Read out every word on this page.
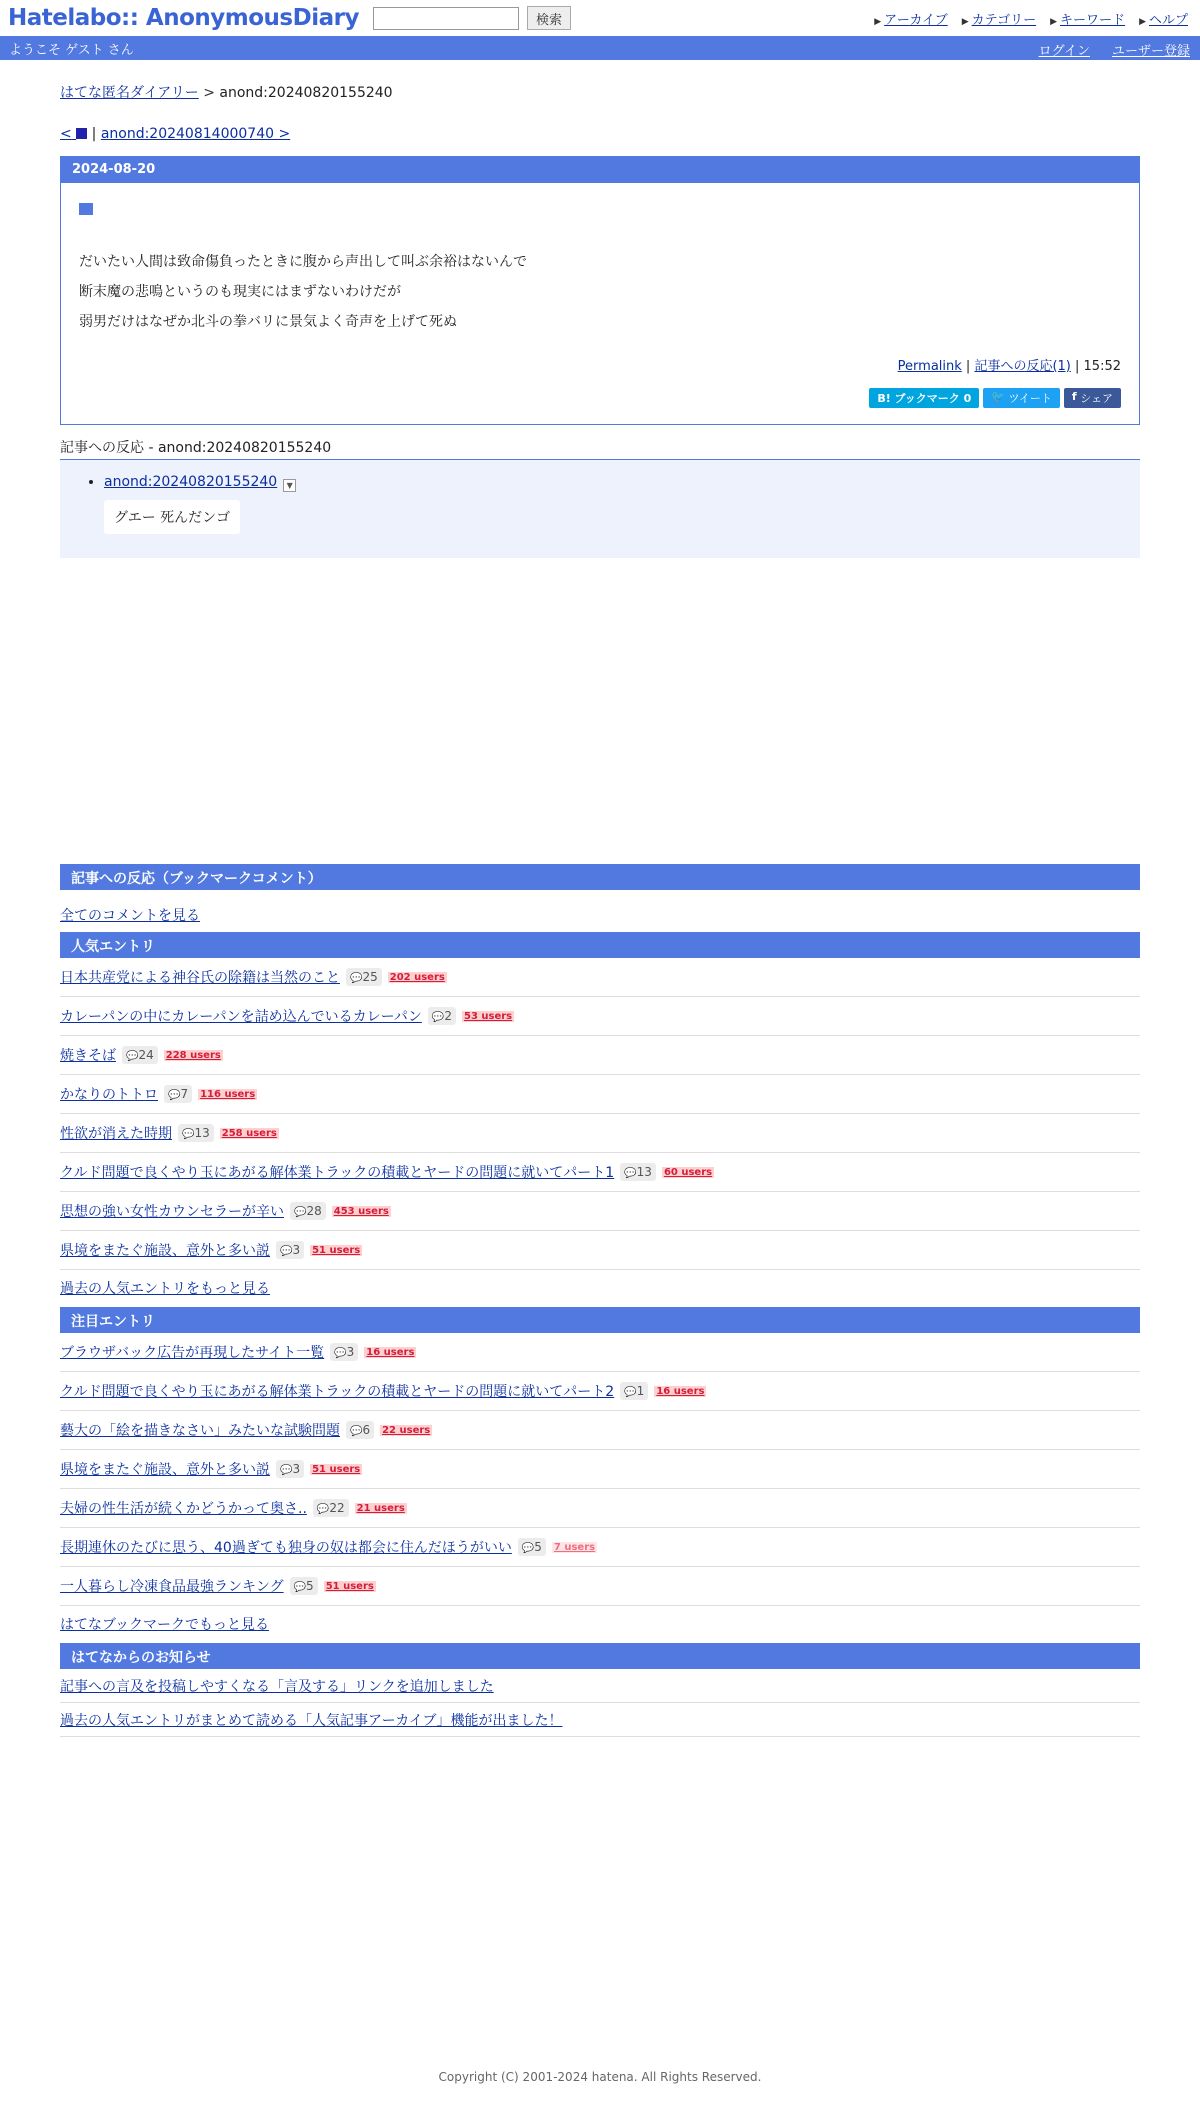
Hatelabo:: AnonymousDiary	検索	▶ アーカイブ ▶ カテゴリー ▶ キーワード ▶ ヘルプ
ようこそ ゲスト さん	ログイン ユーザー登録
はてな匿名ダイアリー > anond:20240820155240
< | anond:20240814000740 >
2024-08-20
だいたい人間は致命傷負ったときに腹から声出して叫ぶ余裕はないんで
断末魔の悲鳴というのも現実にはまずないわけだが
弱男だけはなぜか北斗の拳バリに景気よく奇声を上げて死ぬ
Permalink | 記事への反応(1) | 15:52
B! ブックマーク 0 🐦 ツイート f シェア
記事への反応 - anond:20240820155240
• anond:20240820155240 ▼
グエー 死んだンゴ
記事への反応（ブックマークコメント）
全てのコメントを見る
人気エントリ
日本共産党による神谷氏の除籍は当然のこと	💬25	202 users
カレーパンの中にカレーパンを詰め込んでいるカレーパン	💬2	53 users
焼きそば	💬24	228 users
かなりのトトロ	💬7	116 users
性欲が消えた時期	💬13	258 users
クルド問題で良くやり玉にあがる解体業トラックの積載とヤードの問題に就いてパート1	💬13	60 users
思想の強い女性カウンセラーが辛い	💬28	453 users
県境をまたぐ施設、意外と多い説	💬3	51 users
過去の人気エントリをもっと見る
注目エントリ
ブラウザバック広告が再現したサイト一覧	💬3	16 users
クルド問題で良くやり玉にあがる解体業トラックの積載とヤードの問題に就いてパート2	💬1	16 users
藝大の「絵を描きなさい」みたいな試験問題	💬6	22 users
県境をまたぐ施設、意外と多い説	💬3	51 users
夫婦の性生活が続くかどうかって奥さ..	💬22	21 users
長期連休のたびに思う、40過ぎても独身の奴は都会に住んだほうがいい	💬5	7 users
一人暮らし冷凍食品最強ランキング	💬5	51 users
はてなブックマークでもっと見る
はてなからのお知らせ
記事への言及を投稿しやすくなる「言及する」リンクを追加しました
過去の人気エントリがまとめて読める「人気記事アーカイブ」機能が出ました！
Copyright (C) 2001-2024 hatena. All Rights Reserved.
